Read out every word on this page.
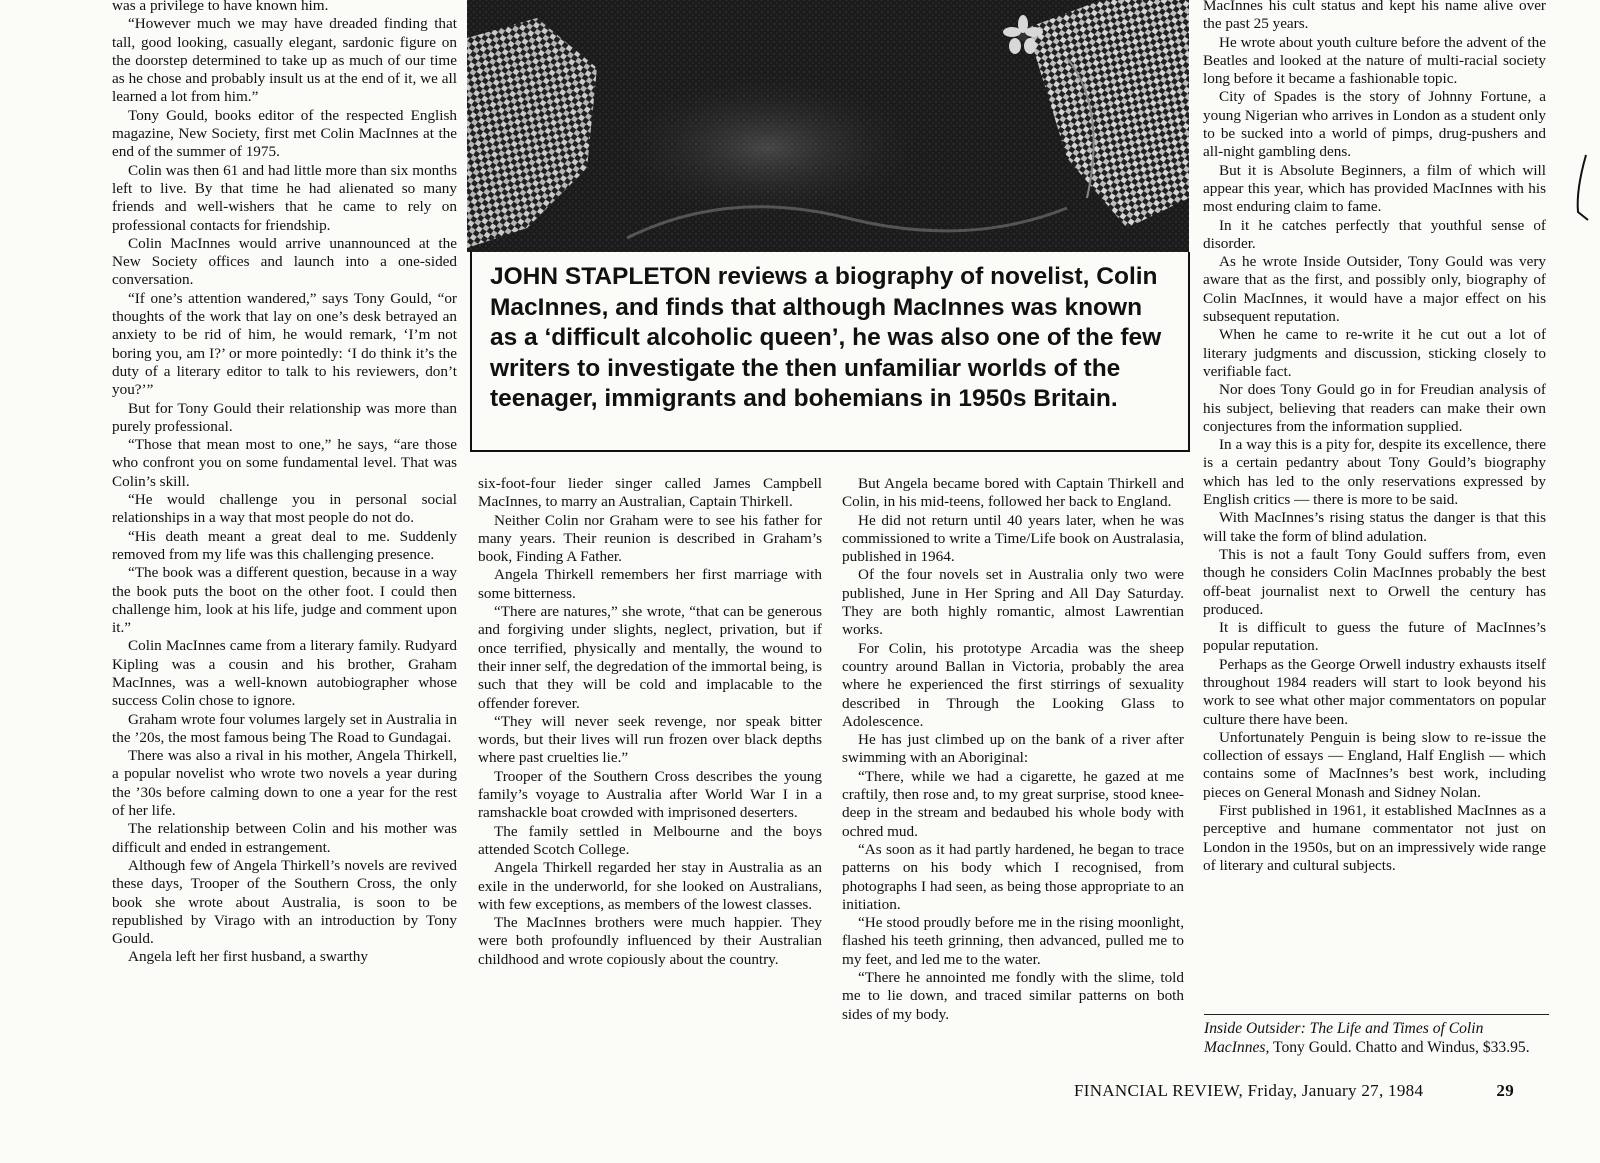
JOHN STAPLETON reviews a biography of novelist, Colin MacInnes, and finds that although MacInnes was known as a ‘difficult alcoholic queen’, he was also one of the few writers to investigate the then unfamiliar worlds of the teenager, immigrants and bohemians in 1950s Britain.

was a privilege to have known him.

“However much we may have dreaded finding that tall, good looking, casually elegant, sardonic figure on the doorstep determined to take up as much of our time as he chose and probably insult us at the end of it, we all learned a lot from him.”

Tony Gould, books editor of the respected English magazine, New Society, first met Colin MacInnes at the end of the summer of 1975.

Colin was then 61 and had little more than six months left to live. By that time he had alienated so many friends and well-wishers that he came to rely on professional contacts for friendship.

Colin MacInnes would arrive unannounced at the New Society offices and launch into a one-sided conversation.

“If one’s attention wandered,” says Tony Gould, “or thoughts of the work that lay on one’s desk betrayed an anxiety to be rid of him, he would remark, ‘I’m not boring you, am I?’ or more pointedly: ‘I do think it’s the duty of a literary editor to talk to his reviewers, don’t you?’”

But for Tony Gould their relationship was more than purely professional.

“Those that mean most to one,” he says, “are those who confront you on some fundamental level. That was Colin’s skill.

“He would challenge you in personal social relationships in a way that most people do not do.

“His death meant a great deal to me. Suddenly removed from my life was this challenging presence.

“The book was a different question, because in a way the book puts the boot on the other foot. I could then challenge him, look at his life, judge and comment upon it.”

Colin MacInnes came from a literary family. Rudyard Kipling was a cousin and his brother, Graham MacInnes, was a well-known autobiographer whose success Colin chose to ignore.

Graham wrote four volumes largely set in Australia in the ’20s, the most famous being The Road to Gundagai.

There was also a rival in his mother, Angela Thirkell, a popular novelist who wrote two novels a year during the ’30s before calming down to one a year for the rest of her life.

The relationship between Colin and his mother was difficult and ended in estrangement.

Although few of Angela Thirkell’s novels are revived these days, Trooper of the Southern Cross, the only book she wrote about Australia, is soon to be republished by Virago with an introduction by Tony Gould.

Angela left her first husband, a swarthy

six-foot-four lieder singer called James Campbell MacInnes, to marry an Australian, Captain Thirkell.

Neither Colin nor Graham were to see his father for many years. Their reunion is described in Graham’s book, Finding A Father.

Angela Thirkell remembers her first marriage with some bitterness.

“There are natures,” she wrote, “that can be generous and forgiving under slights, neglect, privation, but if once terrified, physically and mentally, the wound to their inner self, the degredation of the immortal being, is such that they will be cold and implacable to the offender forever.

“They will never seek revenge, nor speak bitter words, but their lives will run frozen over black depths where past cruelties lie.”

Trooper of the Southern Cross describes the young family’s voyage to Australia after World War I in a ramshackle boat crowded with imprisoned deserters.

The family settled in Melbourne and the boys attended Scotch College.

Angela Thirkell regarded her stay in Australia as an exile in the underworld, for she looked on Australians, with few exceptions, as members of the lowest classes.

The MacInnes brothers were much happier. They were both profoundly influenced by their Australian childhood and wrote copiously about the country.

But Angela became bored with Captain Thirkell and Colin, in his mid-teens, followed her back to England.

He did not return until 40 years later, when he was commissioned to write a Time/Life book on Australasia, published in 1964.

Of the four novels set in Australia only two were published, June in Her Spring and All Day Saturday. They are both highly romantic, almost Lawrentian works.

For Colin, his prototype Arcadia was the sheep country around Ballan in Victoria, probably the area where he experienced the first stirrings of sexuality described in Through the Looking Glass to Adolescence.

He has just climbed up on the bank of a river after swimming with an Aboriginal:

“There, while we had a cigarette, he gazed at me craftily, then rose and, to my great surprise, stood knee-deep in the stream and bedaubed his whole body with ochred mud.

“As soon as it had partly hardened, he began to trace patterns on his body which I recognised, from photographs I had seen, as being those appropriate to an initiation.

“He stood proudly before me in the rising moonlight, flashed his teeth grinning, then advanced, pulled me to my feet, and led me to the water.

“There he annointed me fondly with the slime, told me to lie down, and traced similar patterns on both sides of my body.

MacInnes his cult status and kept his name alive over the past 25 years.

He wrote about youth culture before the advent of the Beatles and looked at the nature of multi-racial society long before it became a fashionable topic.

City of Spades is the story of Johnny Fortune, a young Nigerian who arrives in London as a student only to be sucked into a world of pimps, drug-pushers and all-night gambling dens.

But it is Absolute Beginners, a film of which will appear this year, which has provided MacInnes with his most enduring claim to fame.

In it he catches perfectly that youthful sense of disorder.

As he wrote Inside Outsider, Tony Gould was very aware that as the first, and possibly only, biography of Colin MacInnes, it would have a major effect on his subsequent reputation.

When he came to re-write it he cut out a lot of literary judgments and discussion, sticking closely to verifiable fact.

Nor does Tony Gould go in for Freudian analysis of his subject, believing that readers can make their own conjectures from the information supplied.

In a way this is a pity for, despite its excellence, there is a certain pedantry about Tony Gould’s biography which has led to the only reservations expressed by English critics — there is more to be said.

With MacInnes’s rising status the danger is that this will take the form of blind adulation.

This is not a fault Tony Gould suffers from, even though he considers Colin MacInnes probably the best off-beat journalist next to Orwell the century has produced.

It is difficult to guess the future of MacInnes’s popular reputation.

Perhaps as the George Orwell industry exhausts itself throughout 1984 readers will start to look beyond his work to see what other major commentators on popular culture there have been.

Unfortunately Penguin is being slow to re-issue the collection of essays — England, Half English — which contains some of MacInnes’s best work, including pieces on General Monash and Sidney Nolan.

First published in 1961, it established MacInnes as a perceptive and humane commentator not just on London in the 1950s, but on an impressively wide range of literary and cultural subjects.

Inside Outsider: The Life and Times of Colin MacInnes, Tony Gould. Chatto and Windus, $33.95.
FINANCIAL REVIEW, Friday, January 27, 1984	29
